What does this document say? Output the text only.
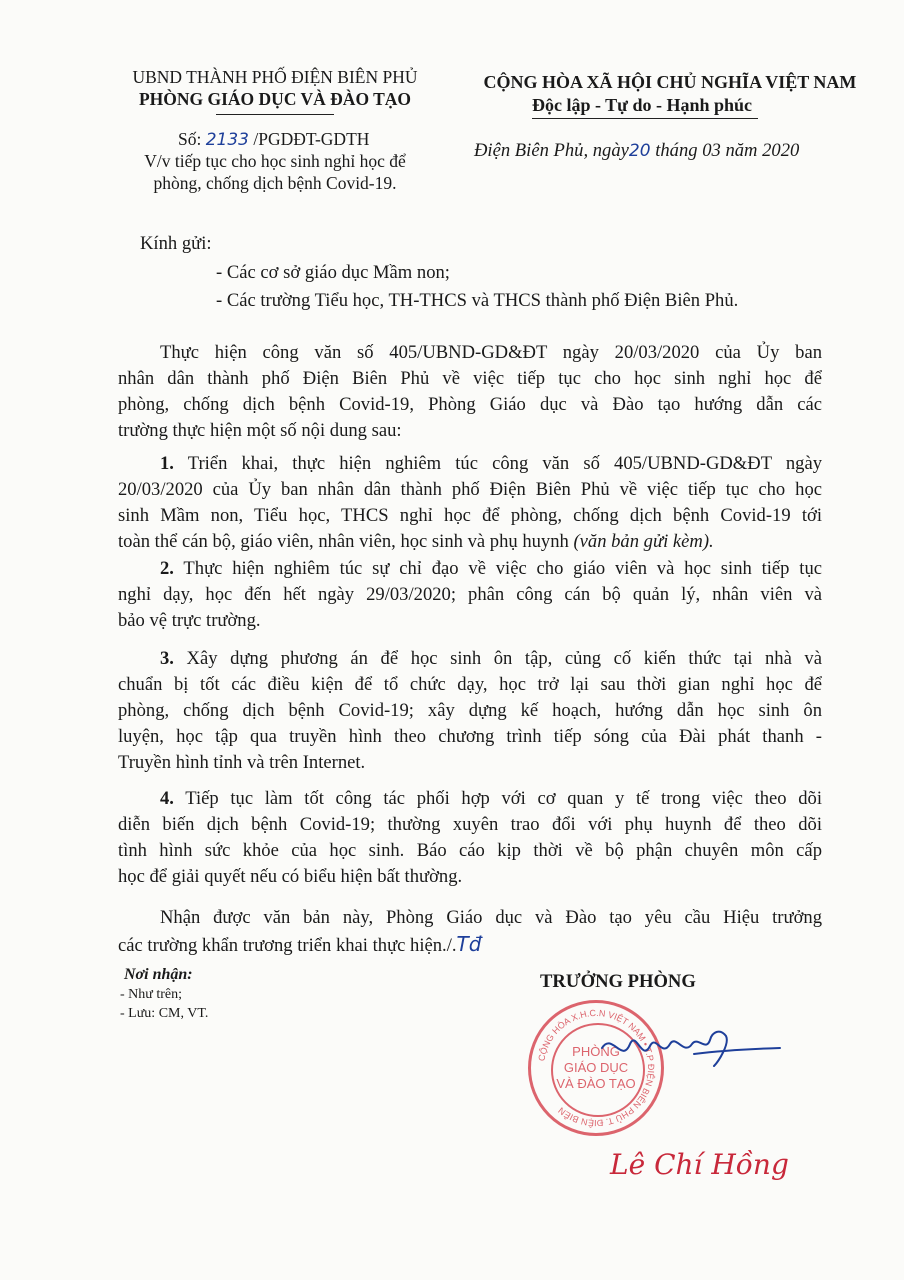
UBND THÀNH PHỐ ĐIỆN BIÊN PHỦ
PHÒNG GIÁO DỤC VÀ ĐÀO TẠO
Số: 2133 /PGDĐT-GDTH
V/v tiếp tục cho học sinh nghỉ học để
phòng, chống dịch bệnh Covid-19.
CỘNG HÒA XÃ HỘI CHỦ NGHĨA VIỆT NAM
Độc lập - Tự do - Hạnh phúc
Điện Biên Phủ, ngày20 tháng 03 năm 2020
Kính gửi:
- Các cơ sở giáo dục Mầm non;
- Các trường Tiểu học, TH-THCS và THCS thành phố Điện Biên Phủ.
Thực hiện công văn số 405/UBND-GD&ĐT ngày 20/03/2020 của Ủy ban
nhân dân thành phố Điện Biên Phủ về việc tiếp tục cho học sinh nghỉ học để
phòng, chống dịch bệnh Covid-19, Phòng Giáo dục và Đào tạo hướng dẫn các
trường thực hiện một số nội dung sau:
1. Triển khai, thực hiện nghiêm túc công văn số 405/UBND-GD&ĐT ngày
20/03/2020 của Ủy ban nhân dân thành phố Điện Biên Phủ về việc tiếp tục cho học
sinh Mầm non, Tiểu học, THCS nghỉ học để phòng, chống dịch bệnh Covid-19 tới
toàn thể cán bộ, giáo viên, nhân viên, học sinh và phụ huynh (văn bản gửi kèm).
2. Thực hiện nghiêm túc sự chỉ đạo về việc cho giáo viên và học sinh tiếp tục
nghỉ dạy, học đến hết ngày 29/03/2020; phân công cán bộ quản lý, nhân viên và
bảo vệ trực trường.
3. Xây dựng phương án để học sinh ôn tập, củng cố kiến thức tại nhà và
chuẩn bị tốt các điều kiện để tổ chức dạy, học trở lại sau thời gian nghỉ học để
phòng, chống dịch bệnh Covid-19; xây dựng kế hoạch, hướng dẫn học sinh ôn
luyện, học tập qua truyền hình theo chương trình tiếp sóng của Đài phát thanh -
Truyền hình tỉnh và trên Internet.
4. Tiếp tục làm tốt công tác phối hợp với cơ quan y tế trong việc theo dõi
diễn biến dịch bệnh Covid-19; thường xuyên trao đổi với phụ huynh để theo dõi
tình hình sức khỏe của học sinh. Báo cáo kịp thời về bộ phận chuyên môn cấp
học để giải quyết nếu có biểu hiện bất thường.
Nhận được văn bản này, Phòng Giáo dục và Đào tạo yêu cầu Hiệu trưởng
các trường khẩn trương triển khai thực hiện./.Tđ
Nơi nhận:
- Như trên;
- Lưu: CM, VT.
TRƯỞNG PHÒNG
CỘNG HÒA X.H.C.N VIỆT NAM • T.P ĐIỆN BIÊN PHỦ T. ĐIỆN BIÊN
PHÒNG
GIÁO DỤC
VÀ ĐÀO TẠO
Lê Chí Hồng
